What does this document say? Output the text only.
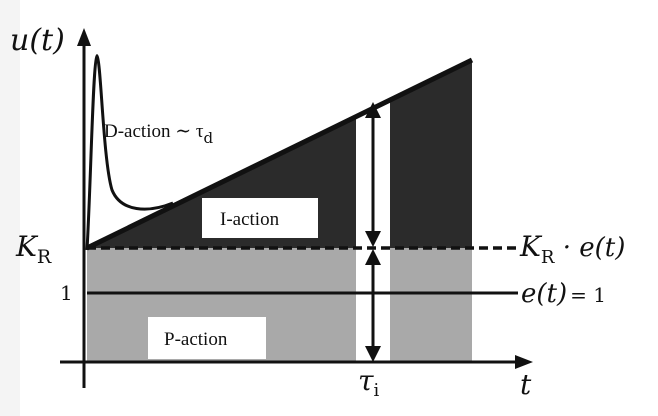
u(t)
t
D-action ∼ $\tau_d$
I-action
P-action
$K_R$
1
$K_R \cdot e(t)$
e(t) = 1
$\tau_i$
